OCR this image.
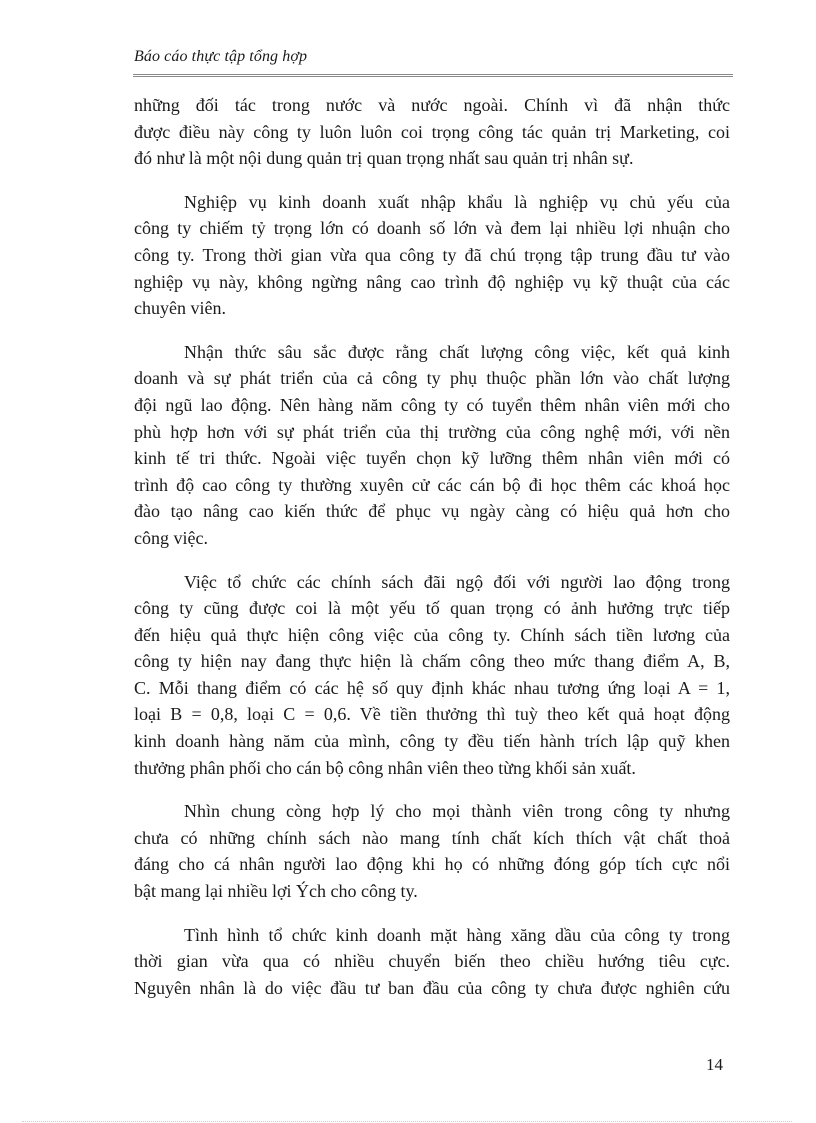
Báo cáo thực tập tổng hợp

những đối tác trong nước và nước ngoài. Chính vì đã nhận thức
được điều này công ty luôn luôn coi trọng công tác quản trị Marketing, coi
đó như là một nội dung quản trị quan trọng nhất sau quản trị nhân sự.

Nghiệp vụ kinh doanh xuất nhập khẩu là nghiệp vụ chủ yếu của
công ty chiếm tỷ trọng lớn có doanh số lớn và đem lại nhiều lợi nhuận cho
công ty. Trong thời gian vừa qua công ty đã chú trọng tập trung đầu tư vào
nghiệp vụ này, không ngừng nâng cao trình độ nghiệp vụ kỹ thuật của các
chuyên viên.

Nhận thức sâu sắc được rằng chất lượng công việc, kết quả kinh
doanh và sự phát triển của cả công ty phụ thuộc phần lớn vào chất lượng
đội ngũ lao động. Nên hàng năm công ty có tuyển thêm nhân viên mới cho
phù hợp hơn với sự phát triển của thị trường của công nghệ mới, với nền
kinh tế tri thức. Ngoài việc tuyển chọn kỹ lưỡng thêm nhân viên mới có
trình độ cao công ty thường xuyên cử các cán bộ đi học thêm các khoá học
đào tạo nâng cao kiến thức để phục vụ ngày càng có hiệu quả hơn cho
công việc.

Việc tổ chức các chính sách đãi ngộ đối với người lao động trong
công ty cũng được coi là một yếu tố quan trọng có ảnh hưởng trực tiếp
đến hiệu quả thực hiện công việc của công ty. Chính sách tiền lương của
công ty hiện nay đang thực hiện là chấm công theo mức thang điểm A, B,
C. Mỗi thang điểm có các hệ số quy định khác nhau tương ứng loại A = 1,
loại B = 0,8, loại C = 0,6. Về tiền thưởng thì tuỳ theo kết quả hoạt động
kinh doanh hàng năm của mình, công ty đều tiến hành trích lập quỹ khen
thưởng phân phối cho cán bộ công nhân viên theo từng khối sản xuất.

Nhìn chung còng hợp lý cho mọi thành viên trong công ty nhưng
chưa có những chính sách nào mang tính chất kích thích vật chất thoả
đáng cho cá nhân người lao động khi họ có những đóng góp tích cực nổi
bật mang lại nhiều lợi Ých cho công ty.

Tình hình tổ chức kinh doanh mặt hàng xăng dầu của công ty trong
thời gian vừa qua có nhiều chuyển biến theo chiều hướng tiêu cực.
Nguyên nhân là do việc đầu tư ban đầu của công ty chưa được nghiên cứu

14
